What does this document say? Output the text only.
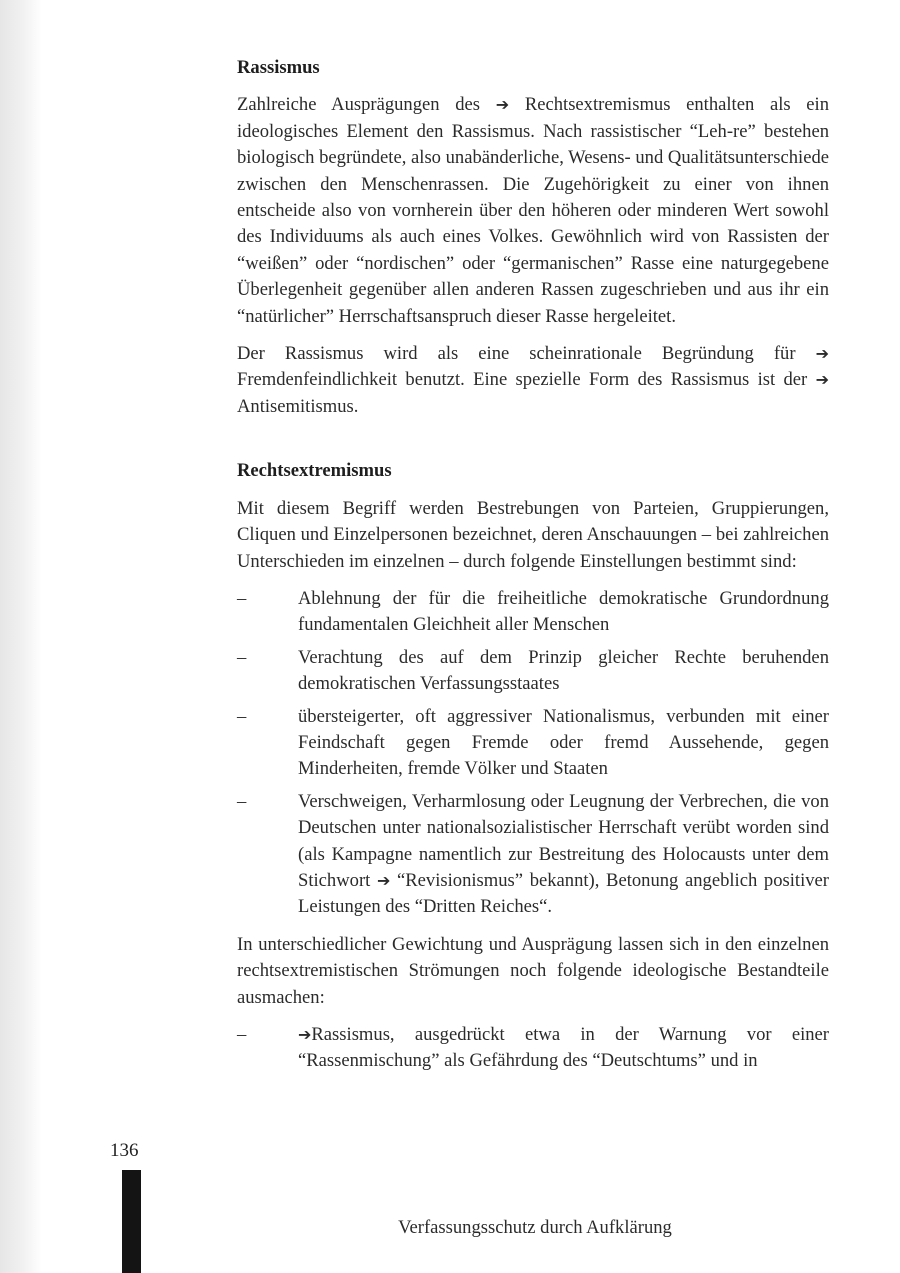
Rassismus

Zahlreiche Ausprägungen des ➔ Rechtsextremismus enthalten als ein ideologisches Element den Rassismus. Nach rassistischer “Leh-re” bestehen biologisch begründete, also unabänderliche, Wesens- und Qualitätsunterschiede zwischen den Menschenrassen. Die Zugehörigkeit zu einer von ihnen entscheide also von vornherein über den höheren oder minderen Wert sowohl des Individuums als auch eines Volkes. Gewöhnlich wird von Rassisten der “weißen” oder “nordischen” oder “germanischen” Rasse eine naturgegebene Überlegenheit gegenüber allen anderen Rassen zugeschrieben und aus ihr ein “natürlicher” Herrschaftsanspruch dieser Rasse hergeleitet.

Der Rassismus wird als eine scheinrationale Begründung für ➔ Fremdenfeindlichkeit benutzt. Eine spezielle Form des Rassismus ist der ➔ Antisemitismus.

Rechtsextremismus

Mit diesem Begriff werden Bestrebungen von Parteien, Gruppierungen, Cliquen und Einzelpersonen bezeichnet, deren Anschauungen – bei zahlreichen Unterschieden im einzelnen – durch folgende Einstellungen bestimmt sind:

–	Ablehnung der für die freiheitliche demokratische Grundordnung fundamentalen Gleichheit aller Menschen
–	Verachtung des auf dem Prinzip gleicher Rechte beruhenden demokratischen Verfassungsstaates
–	übersteigerter, oft aggressiver Nationalismus, verbunden mit einer Feindschaft gegen Fremde oder fremd Aussehende, gegen Minderheiten, fremde Völker und Staaten
–	Verschweigen, Verharmlosung oder Leugnung der Verbrechen, die von Deutschen unter nationalsozialistischer Herrschaft verübt worden sind (als Kampagne namentlich zur Bestreitung des Holocausts unter dem Stichwort ➔ “Revisionismus” bekannt), Betonung angeblich positiver Leistungen des “Dritten Reiches“.

In unterschiedlicher Gewichtung und Ausprägung lassen sich in den einzelnen rechtsextremistischen Strömungen noch folgende ideologische Bestandteile ausmachen:

–	➔Rassismus, ausgedrückt etwa in der Warnung vor einer “Rassenmischung” als Gefährdung des “Deutschtums” und in
136
Verfassungsschutz durch Aufklärung
